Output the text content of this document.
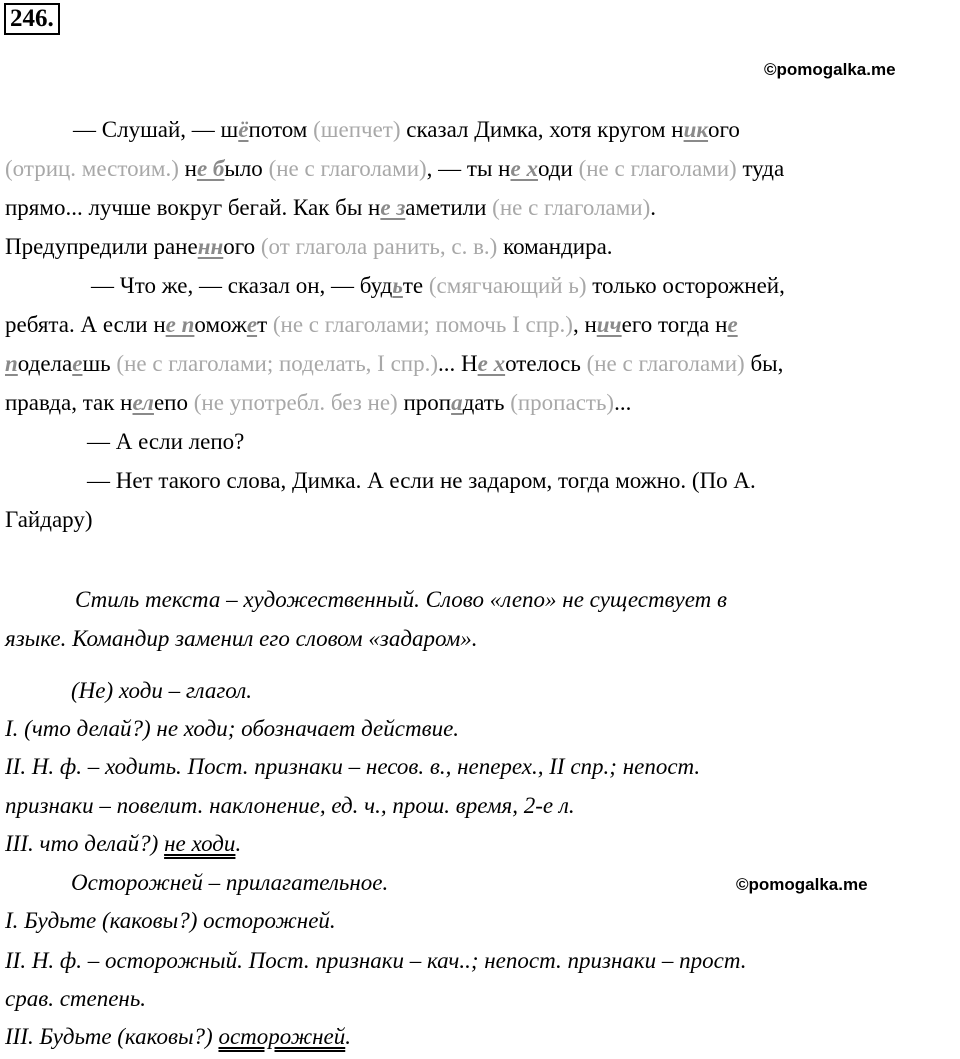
246.
©pomogalka.me
©pomogalka.me
— Слушай, — шёпотом (шепчет) сказал Димка, хотя кругом никого
(отриц. местоим.) не было (не с глаголами), — ты не ходи (не с глаголами) туда
прямо... лучше вокруг бегай. Как бы не заметили (не с глаголами).
Предупредили раненного (от глагола ранить, с. в.) командира.
— Что же, — сказал он, — будьте (смягчающий ь) только осторожней,
ребята. А если не поможет (не с глаголами; помочь I спр.), ничего тогда не
поделаешь (не с глаголами; поделать, I спр.)... Не хотелось (не с глаголами) бы,
правда, так нелепо (не употребл. без не) пропадать (пропасть)...
— А если лепо?
— Нет такого слова, Димка. А если не задаром, тогда можно. (По А.
Гайдару)
Стиль текста – художественный. Слово «лепо» не существует в
языке. Командир заменил его словом «задаром».
(Не) ходи – глагол.
I. (что делай?) не ходи; обозначает действие.
II. Н. ф. – ходить. Пост. признаки – несов. в., неперех., II спр.; непост.
признаки – повелит. наклонение, ед. ч., прош. время, 2-е л.
III. что делай?) не ходи.
Осторожней – прилагательное.
I. Будьте (каковы?) осторожней.
II. Н. ф. – осторожный. Пост. признаки – кач..; непост. признаки – прост.
срав. степень.
III. Будьте (каковы?) осторожней.
